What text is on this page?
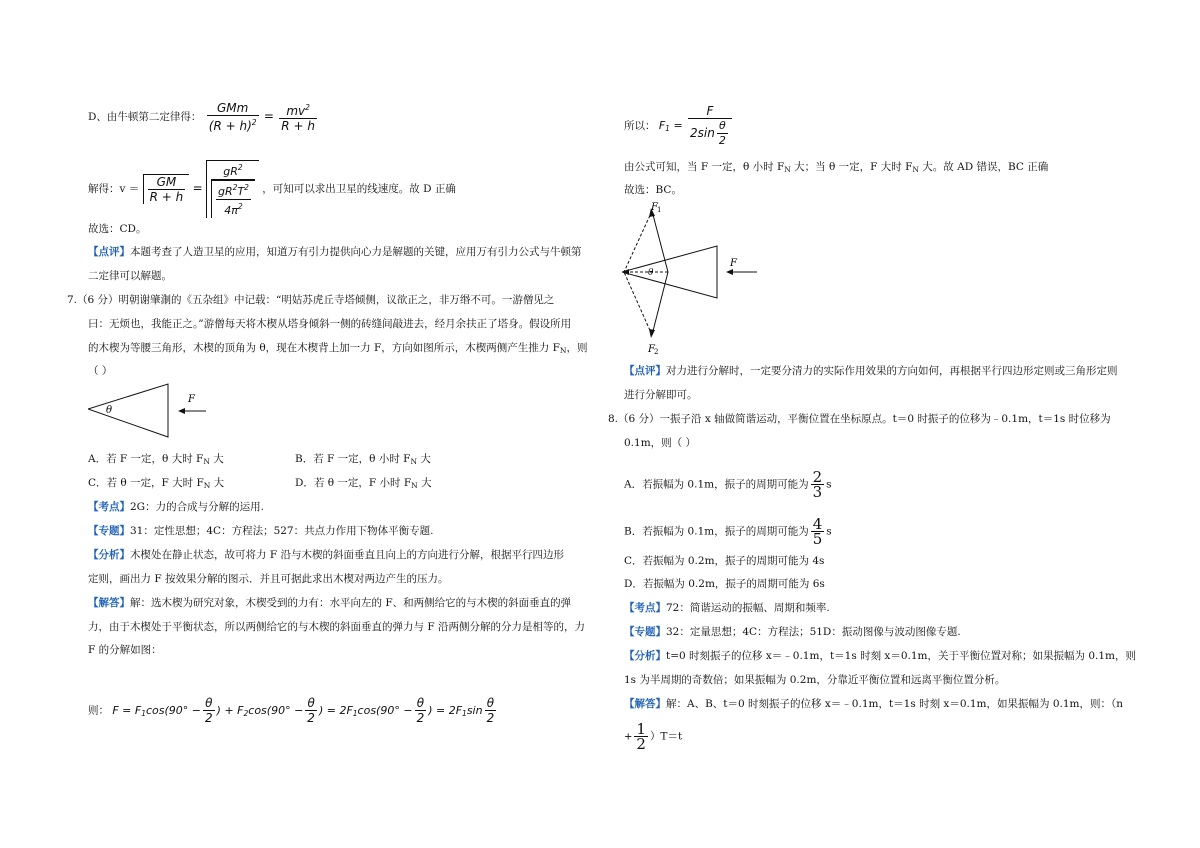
D、由牛顿第二定律得： $\frac{\text{GMm}}{(R + h)^2} = \frac{mv^2}{R + h}$
解得：$v = \frac{GM}{R + h} = \frac{gR^2}{\frac{gR^2T^2}{4\pi^2}}$ ，可知可以求出卫星的线速度。故 D 正确
故选：CD。
【点评】本题考查了人造卫星的应用，知道万有引力提供向心力是解题的关键，应用万有引力公式与牛顿第
二定律可以解题。
7.（6 分）明朝谢肇淛的《五杂组》中记载：“明姑苏虎丘寺塔倾侧，议欲正之，非万缗不可。一游僧见之
曰：无烦也，我能正之。”游僧每天将木楔从塔身倾斜一侧的砖缝间敲进去，经月余扶正了塔身。假设所用
的木楔为等腰三角形，木楔的顶角为 θ，现在木楔背上加一力 F，方向如图所示，木楔两侧产生推力 $F_N$，则
（ ）
θ
F
A．若 F 一定，θ 大时 $F_N$ 大	B．若 F 一定，θ 小时 $F_N$ 大
C．若 θ 一定，F 大时 $F_N$ 大	D．若 θ 一定，F 小时 $F_N$ 大
【考点】2G：力的合成与分解的运用.
【专题】31：定性思想；4C：方程法；527：共点力作用下物体平衡专题.
【分析】木楔处在静止状态，故可将力 F 沿与木楔的斜面垂直且向上的方向进行分解，根据平行四边形
定则，画出力 F 按效果分解的图示．并且可据此求出木楔对两边产生的压力。
【解答】解：选木楔为研究对象，木楔受到的力有：水平向左的 F、和两侧给它的与木楔的斜面垂直的弹
力，由于木楔处于平衡状态，所以两侧给它的与木楔的斜面垂直的弹力与 F 沿两侧分解的分力是相等的，力
F 的分解如图：
则： $F = F_1\cos(90^\circ - \frac{\theta}{2}$ ) + $F_2\cos(90^\circ - \frac{\theta}{2}$ ) = $2F_1\cos(90^\circ - \frac{\theta}{2}$ ) = $2F_1\sin \frac{\theta}{2}$
所以： $F_1 = \frac{F}{2\sin \frac{\theta}{2}}$
由公式可知，当 F 一定，θ 小时 $F_N$ 大；当 θ 一定，F 大时 $F_N$ 大。故 AD 错误，BC 正确
故选：BC。
F
θ
F 1
F 2
【点评】对力进行分解时，一定要分清力的实际作用效果的方向如何，再根据平行四边形定则或三角形定则
进行分解即可。
8.（6 分）一振子沿 x 轴做简谐运动，平衡位置在坐标原点。t＝0 时振子的位移为﹣0.1m，t＝1s 时位移为
0.1m，则（ ）
A．若振幅为 0.1m，振子的周期可能为 $\frac{2}{3}$ s
B．若振幅为 0.1m，振子的周期可能为 $\frac{4}{5}$ s
C．若振幅为 0.2m，振子的周期可能为 4s
D．若振幅为 0.2m，振子的周期可能为 6s
【考点】72：简谐运动的振幅、周期和频率.
【专题】32：定量思想；4C：方程法；51D：振动图像与波动图像专题.
【分析】t=0 时刻振子的位移 x＝﹣0.1m，t＝1s 时刻 x＝0.1m，关于平衡位置对称；如果振幅为 0.1m，则
1s 为半周期的奇数倍；如果振幅为 0.2m，分靠近平衡位置和远离平衡位置分析。
【解答】解：A、B、t＝0 时刻振子的位移 x＝﹣0.1m，t＝1s 时刻 x＝0.1m，如果振幅为 0.1m，则：（n
+ $\frac{1}{2} )T=t$
